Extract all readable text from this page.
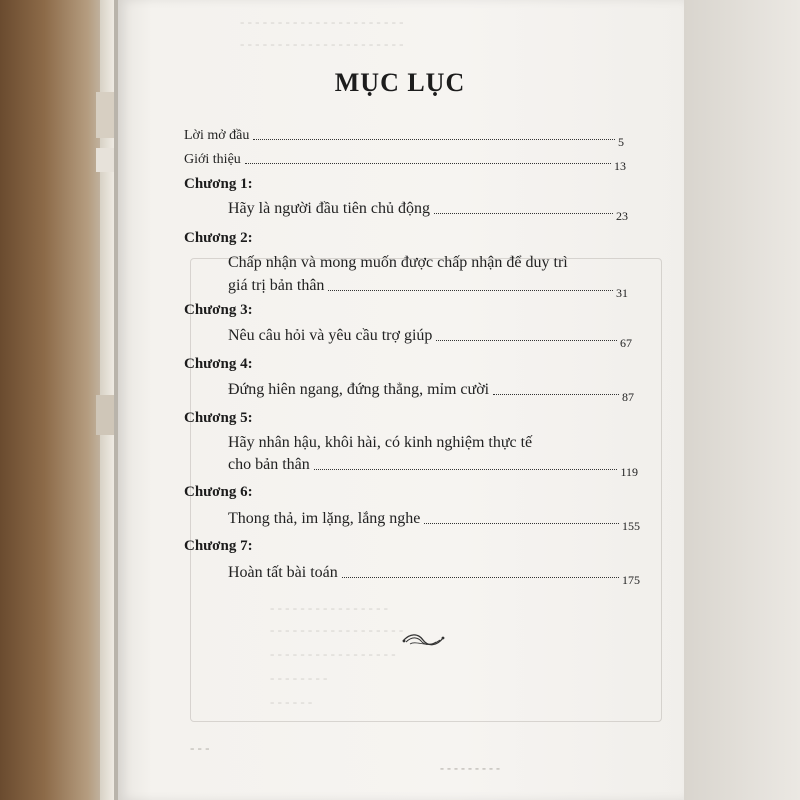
- - - - - - - - - - - - - - - - - - - - - -
- - - - - - - - - - - - - - - - - - - - - -
- - - - - - - - - - - - - - - -
- - - - - - - - - - - - - - - - - -
- - - - - - - - - - - - - - - - -
- - - - - - - -
- - - - - -
MỤC LỤC
Lời mở đầu	5
Giới thiệu	13
Chương 1:
Hãy là người đầu tiên chủ động	23
Chương 2:
Chấp nhận và mong muốn được chấp nhận để duy trì
giá trị bản thân	31
Chương 3:
Nêu câu hỏi và yêu cầu trợ giúp	67
Chương 4:
Đứng hiên ngang, đứng thẳng, mỉm cười	87
Chương 5:
Hãy nhân hậu, khôi hài, có kinh nghiệm thực tế
cho bản thân	119
Chương 6:
Thong thả, im lặng, lắng nghe	155
Chương 7:
Hoàn tất bài toán	175
- - -
- - - - - - - - -
